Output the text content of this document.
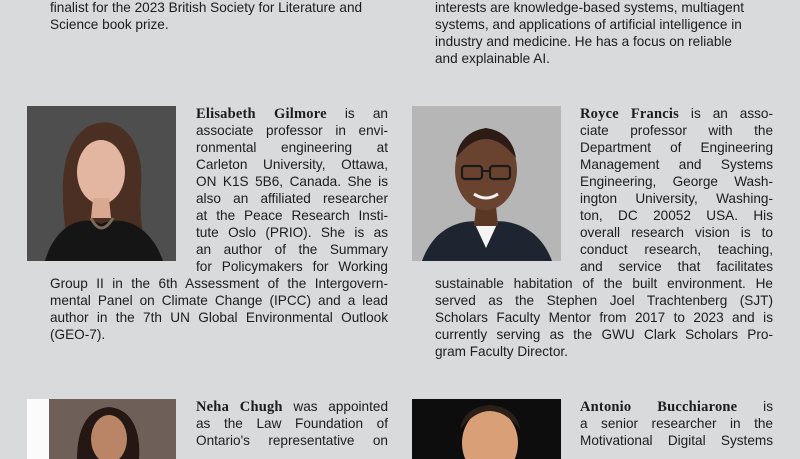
finalist for the 2023 British Society for Literature and
Science book prize.
interests are knowledge-based systems, multiagent
systems, and applications of artificial intelligence in
industry and medicine. He has a focus on reliable
and explainable AI.
Elisabeth Gilmore is an
associate professor in envi-
ronmental engineering at
Carleton University, Ottawa,
ON K1S 5B6, Canada. She is
also an affiliated researcher
at the Peace Research Insti-
tute Oslo (PRIO). She is as
an author of the Summary
for Policymakers for Working
Group II in the 6th Assessment of the Intergovern-
mental Panel on Climate Change (IPCC) and a lead
author in the 7th UN Global Environmental Outlook
(GEO-7).
Royce Francis is an asso-
ciate professor with the
Department of Engineering
Management and Systems
Engineering, George Wash-
ington University, Washing-
ton, DC 20052 USA. His
overall research vision is to
conduct research, teaching,
and service that facilitates
sustainable habitation of the built environment. He
served as the Stephen Joel Trachtenberg (SJT)
Scholars Faculty Mentor from 2017 to 2023 and is
currently serving as the GWU Clark Scholars Pro-
gram Faculty Director.
Neha Chugh was appointed
as the Law Foundation of
Ontario's representative on
Antonio Bucchiarone is
a senior researcher in the
Motivational Digital Systems
